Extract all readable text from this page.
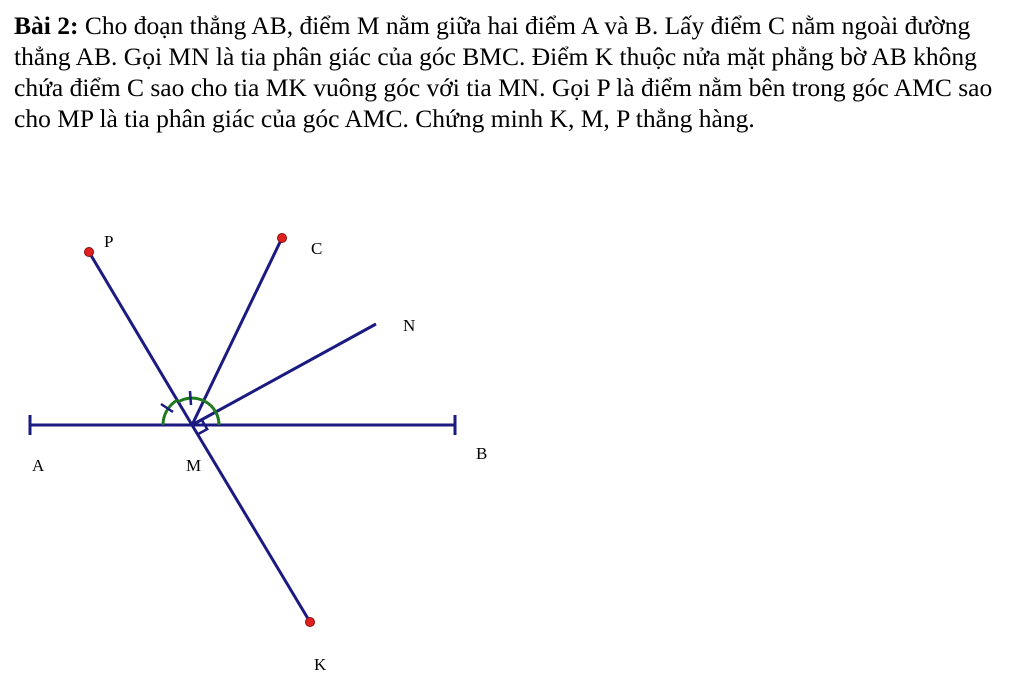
Bài 2: Cho đoạn thẳng AB, điểm M nằm giữa hai điểm A và B. Lấy điểm C nằm ngoài đường thẳng AB. Gọi MN là tia phân giác của góc BMC. Điểm K thuộc nửa mặt phẳng bờ AB không chứa điểm C sao cho tia MK vuông góc với tia MN. Gọi P là điểm nằm bên trong góc AMC sao cho MP là tia phân giác của góc AMC. Chứng minh K, M, P thẳng hàng.

A	M
B
P	C
N
K
